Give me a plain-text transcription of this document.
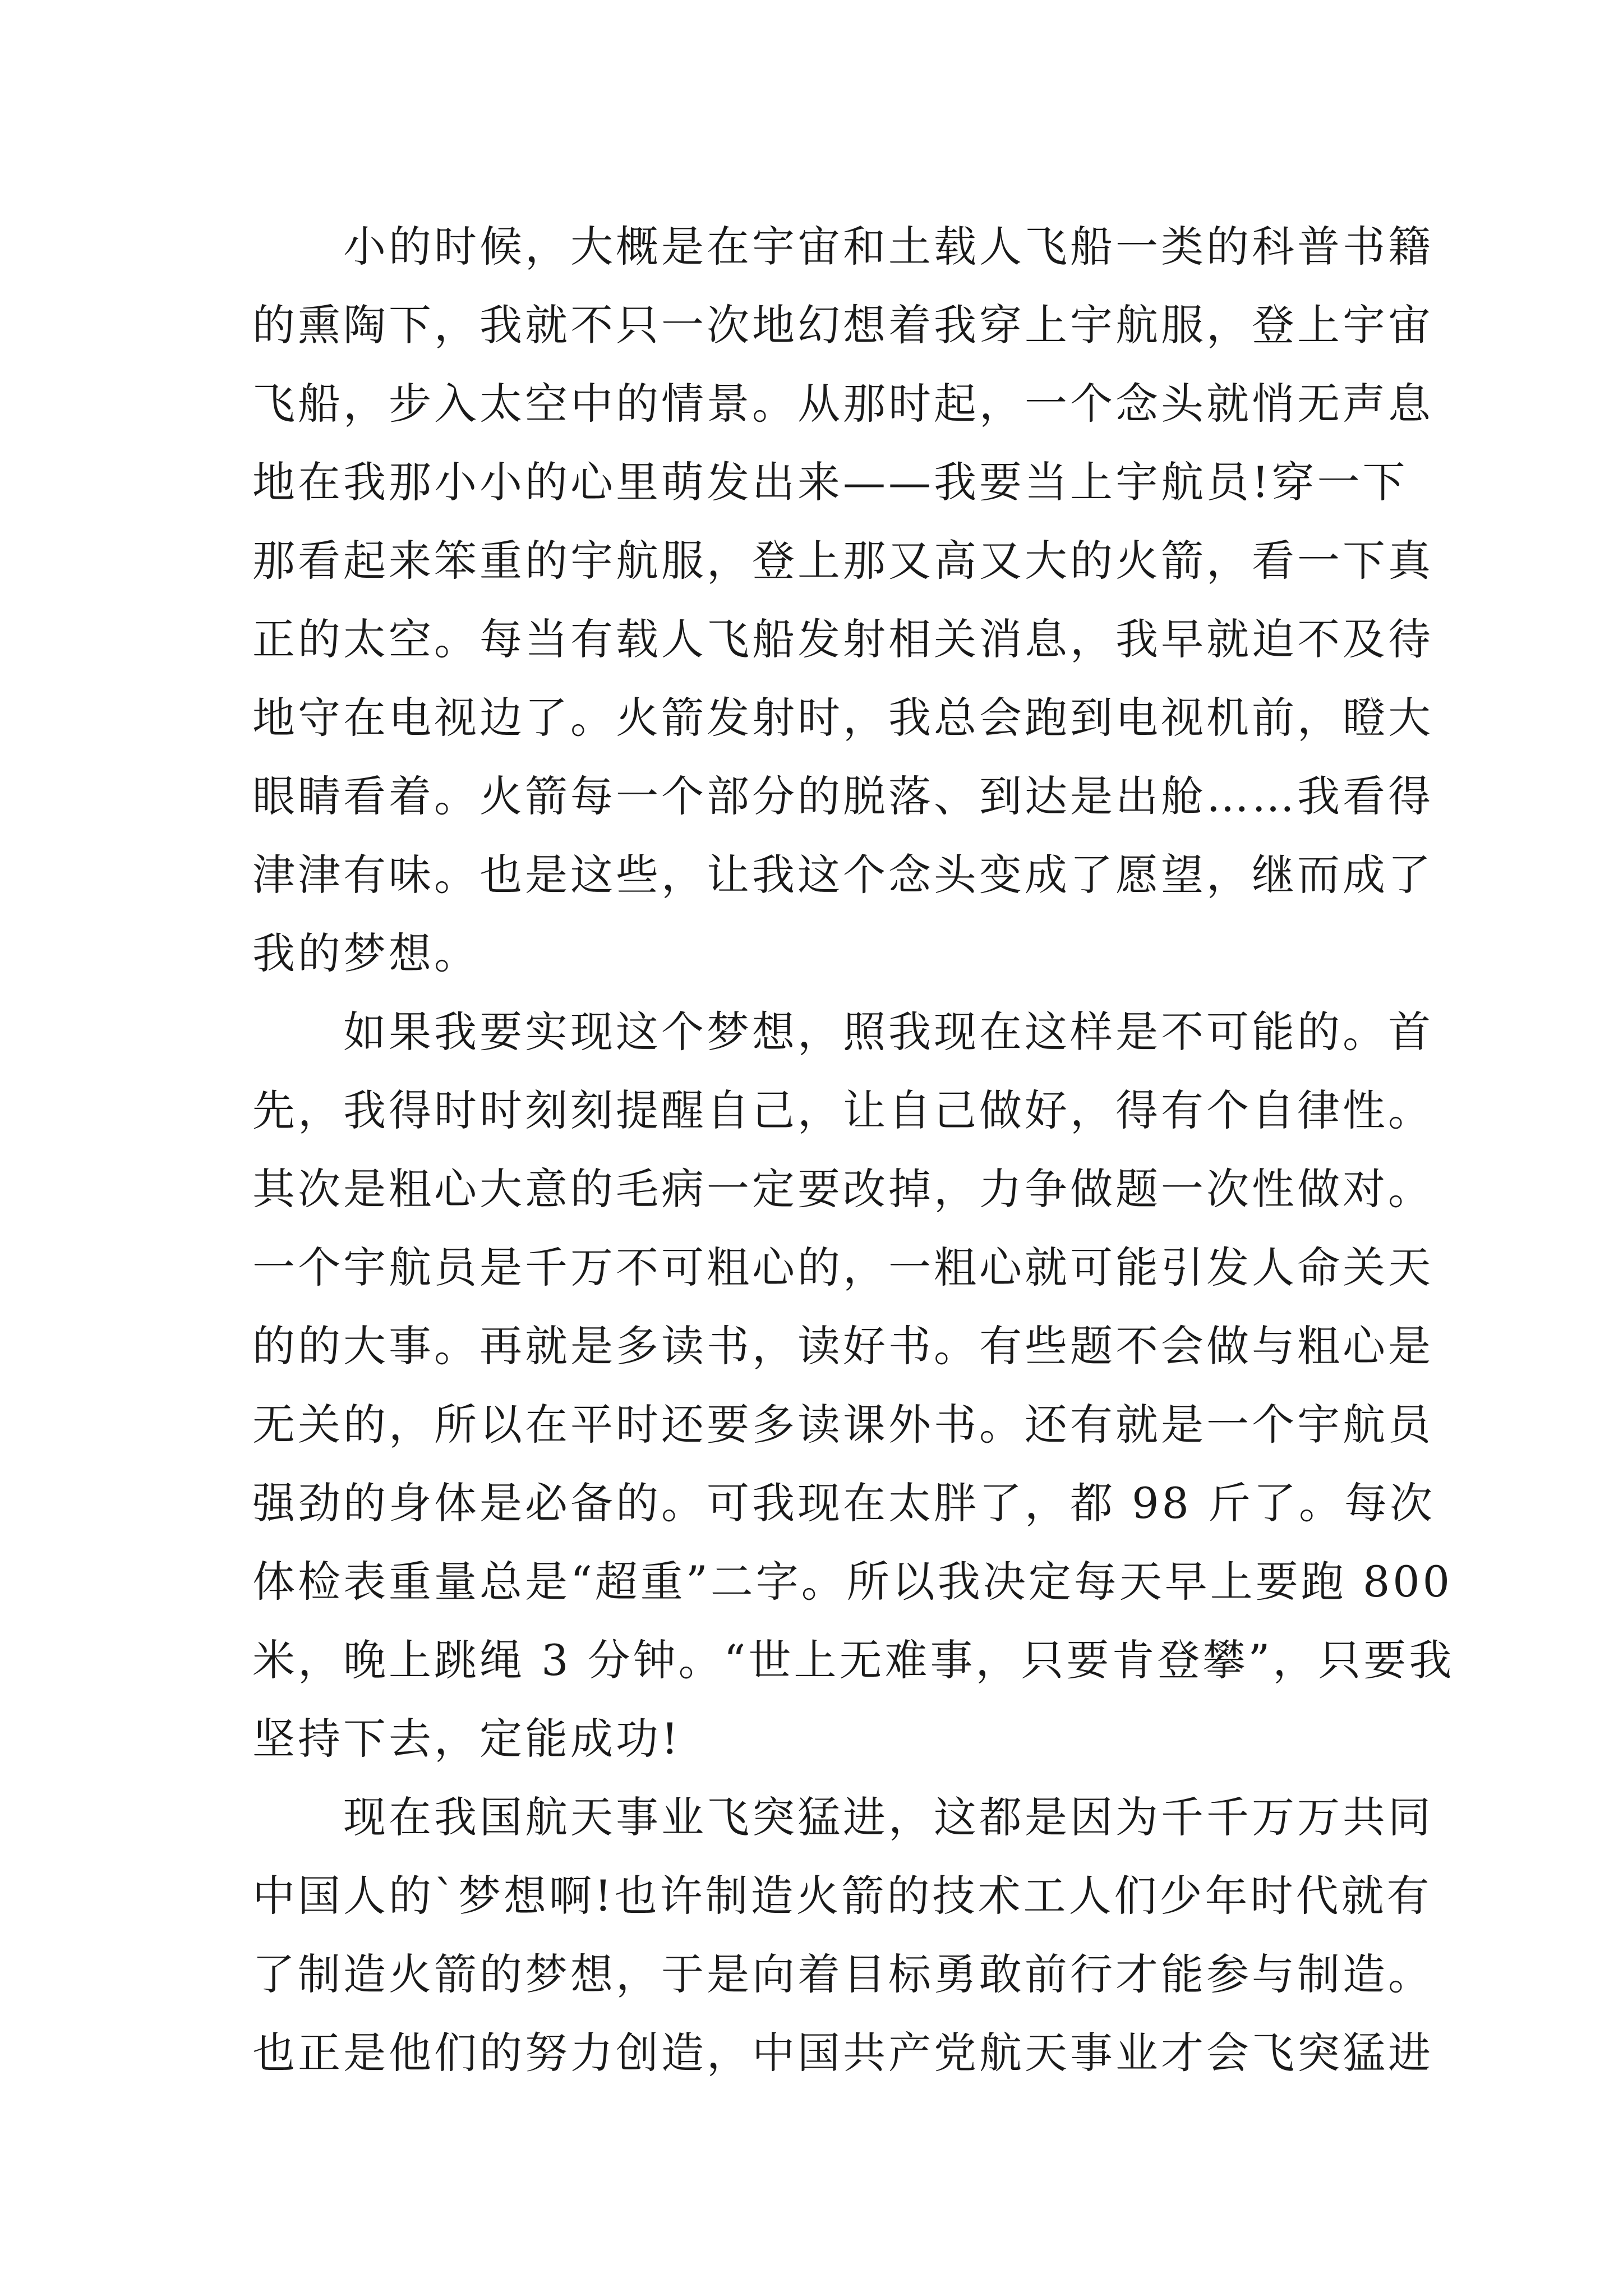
　　小的时候，大概是在宇宙和土载人飞船一类的科普书籍
的熏陶下，我就不只一次地幻想着我穿上宇航服，登上宇宙
飞船，步入太空中的情景。从那时起，一个念头就悄无声息
地在我那小小的心里萌发出来——我要当上宇航员!穿一下
那看起来笨重的宇航服，登上那又高又大的火箭，看一下真
正的太空。每当有载人飞船发射相关消息，我早就迫不及待
地守在电视边了。火箭发射时，我总会跑到电视机前，瞪大
眼睛看着。火箭每一个部分的脱落、到达是出舱……我看得
津津有味。也是这些，让我这个念头变成了愿望，继而成了
我的梦想。
　　如果我要实现这个梦想，照我现在这样是不可能的。首
先，我得时时刻刻提醒自己，让自己做好，得有个自律性。
其次是粗心大意的毛病一定要改掉，力争做题一次性做对。
一个宇航员是千万不可粗心的，一粗心就可能引发人命关天
的的大事。再就是多读书，读好书。有些题不会做与粗心是
无关的，所以在平时还要多读课外书。还有就是一个宇航员
强劲的身体是必备的。可我现在太胖了，都 98 斤了。每次
体检表重量总是“超重”二字。所以我决定每天早上要跑 800
米，晚上跳绳 3 分钟。“世上无难事，只要肯登攀”，只要我
坚持下去，定能成功!
　　现在我国航天事业飞突猛进，这都是因为千千万万共同
中国人的`梦想啊!也许制造火箭的技术工人们少年时代就有
了制造火箭的梦想，于是向着目标勇敢前行才能参与制造。
也正是他们的努力创造，中国共产党航天事业才会飞突猛进
